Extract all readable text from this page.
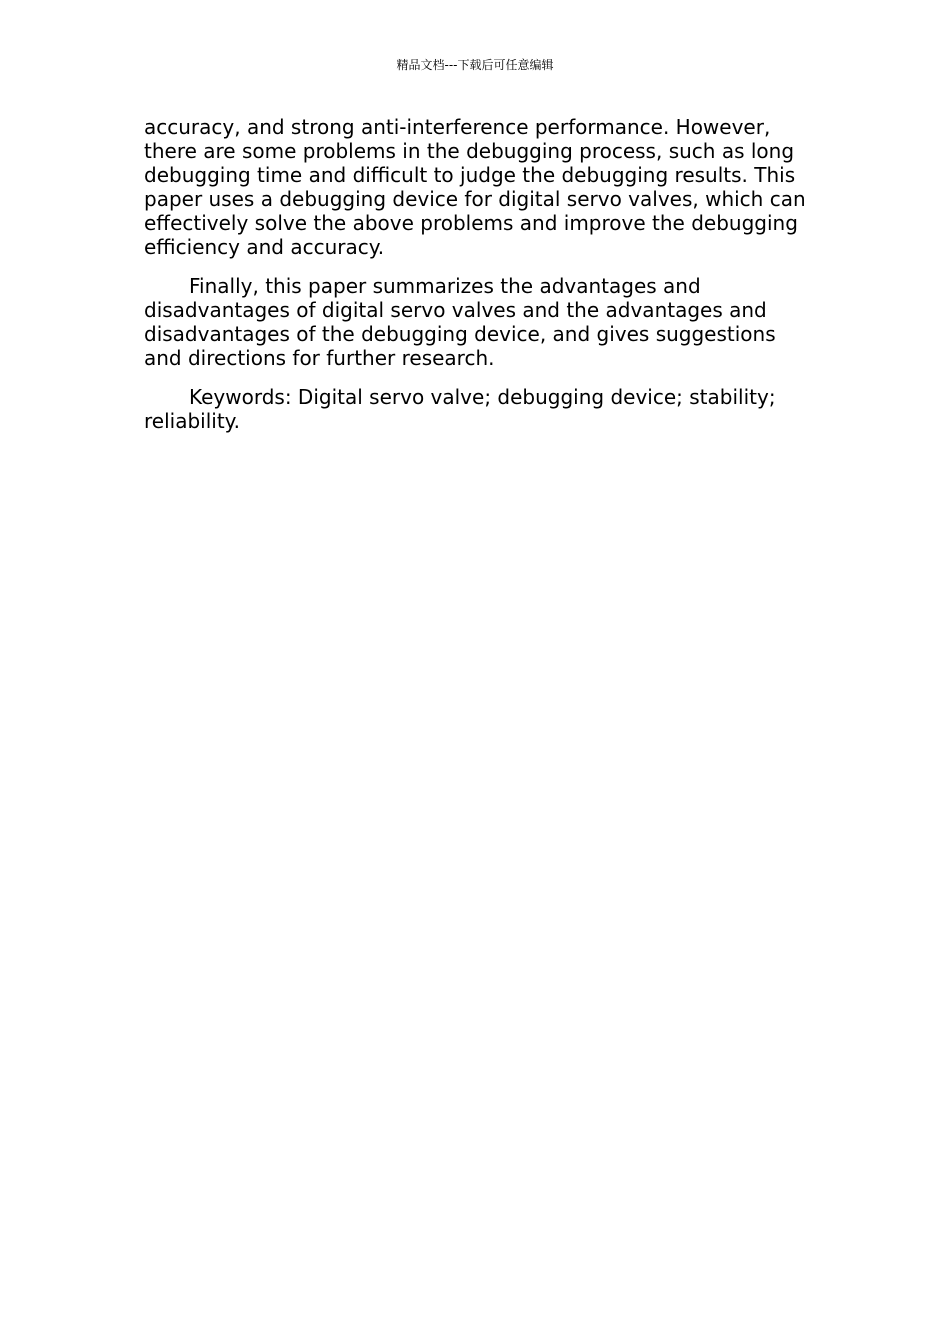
精品文档---下载后可任意编辑

accuracy, and strong anti-interference performance. However, there are some problems in the debugging process, such as long debugging time and difficult to judge the debugging results. This paper uses a debugging device for digital servo valves, which can effectively solve the above problems and improve the debugging efficiency and accuracy.

Finally, this paper summarizes the advantages and disadvantages of digital servo valves and the advantages and disadvantages of the debugging device, and gives suggestions and directions for further research.

Keywords: Digital servo valve; debugging device; stability; reliability.
